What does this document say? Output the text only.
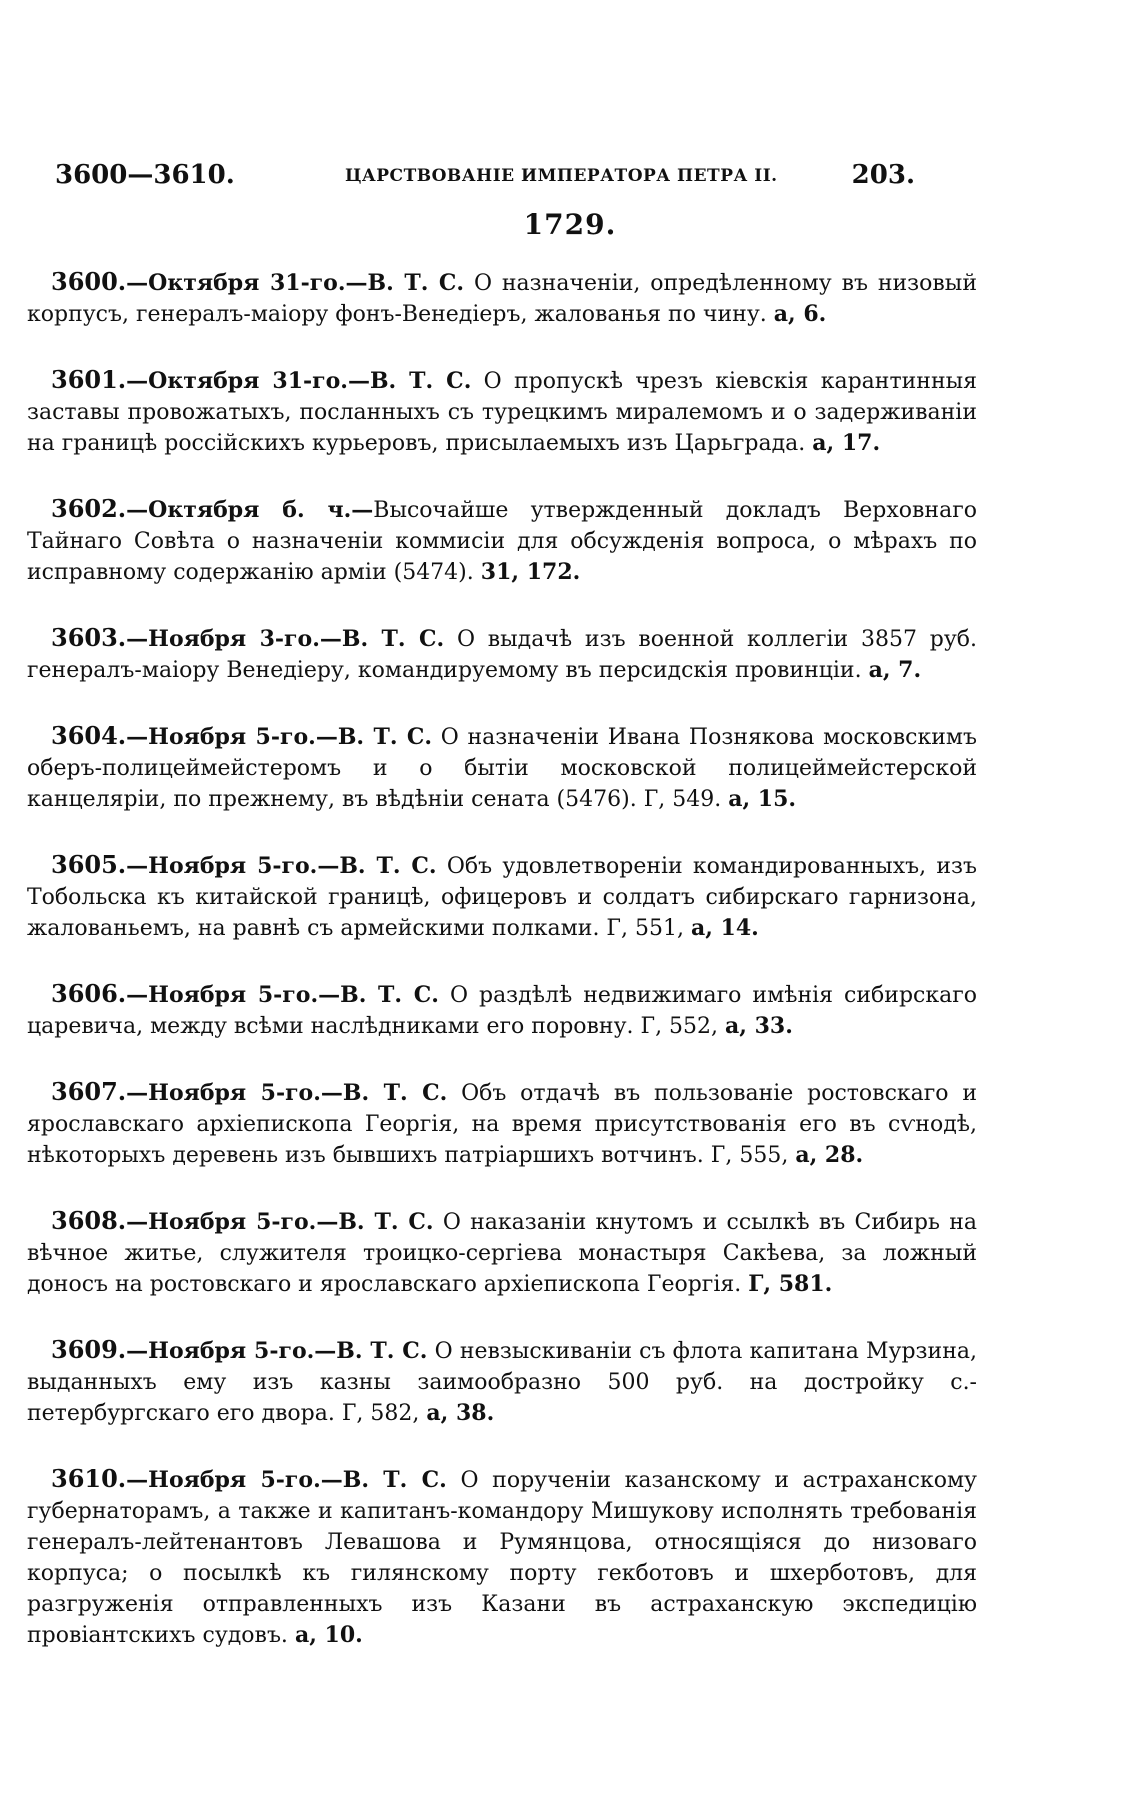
3600—3610.	ЦАРСТВОВАНІЕ ИМПЕРАТОРА ПЕТРА II.	203.
1729.

3600.—Октября 31-го.—В. Т. С. О назначеніи, опредѣленному въ низовый корпусъ, генералъ-маіору фонъ-Венедіеръ, жалованья по чину. а, 6.

3601.—Октября 31-го.—В. Т. С. О пропускѣ чрезъ кіевскія карантинныя заставы провожатыхъ, посланныхъ съ турецкимъ миралемомъ и о задерживаніи на границѣ россійскихъ курьеровъ, присылаемыхъ изъ Царьграда. а, 17.

3602.—Октября б. ч.—Высочайше утвержденный докладъ Верховнаго Тайнаго Совѣта о назначеніи коммисіи для обсужденія вопроса, о мѣрахъ по исправному содержанію арміи (5474). 31, 172.

3603.—Ноября 3-го.—В. Т. С. О выдачѣ изъ военной коллегіи 3857 руб. генералъ-маіору Венедіеру, командируемому въ персидскія провинціи. а, 7.

3604.—Ноября 5-го.—В. Т. С. О назначеніи Ивана Познякова московскимъ оберъ-полицеймейстеромъ и о бытіи московской полицеймейстерской канцеляріи, по прежнему, въ вѣдѣніи сената (5476). Г, 549. а, 15.

3605.—Ноября 5-го.—В. Т. С. Объ удовлетвореніи командированныхъ, изъ Тобольска къ китайской границѣ, офицеровъ и солдатъ сибирскаго гарнизона, жалованьемъ, на равнѣ съ армейскими полками. Г, 551, а, 14.

3606.—Ноября 5-го.—В. Т. С. О раздѣлѣ недвижимаго имѣнія сибирскаго царевича, между всѣми наслѣдниками его поровну. Г, 552, а, 33.

3607.—Ноября 5-го.—В. Т. С. Объ отдачѣ въ пользованіе ростовскаго и ярославскаго архіепископа Георгія, на время присутствованія его въ сѵнодѣ, нѣкоторыхъ деревень изъ бывшихъ патріаршихъ вотчинъ. Г, 555, а, 28.

3608.—Ноября 5-го.—В. Т. С. О наказаніи кнутомъ и ссылкѣ въ Сибирь на вѣчное житье, служителя троицко-сергіева монастыря Сакѣева, за ложный доносъ на ростовскаго и ярославскаго архіепископа Георгія. Г, 581.

3609.—Ноября 5-го.—В. Т. С. О невзыскиваніи съ флота капитана Мурзина, выданныхъ ему изъ казны заимообразно 500 руб. на достройку с.-петербургскаго его двора. Г, 582, а, 38.

3610.—Ноября 5-го.—В. Т. С. О порученіи казанскому и астраханскому губернаторамъ, а также и капитанъ-командору Мишукову исполнять требованія генералъ-лейтенантовъ Левашова и Румянцова, относящіяся до низоваго корпуса; о посылкѣ къ гилянскому порту гекботовъ и шхерботовъ, для разгруженія отправленныхъ изъ Казани въ астраханскую экспедицію провіантскихъ судовъ. а, 10.
